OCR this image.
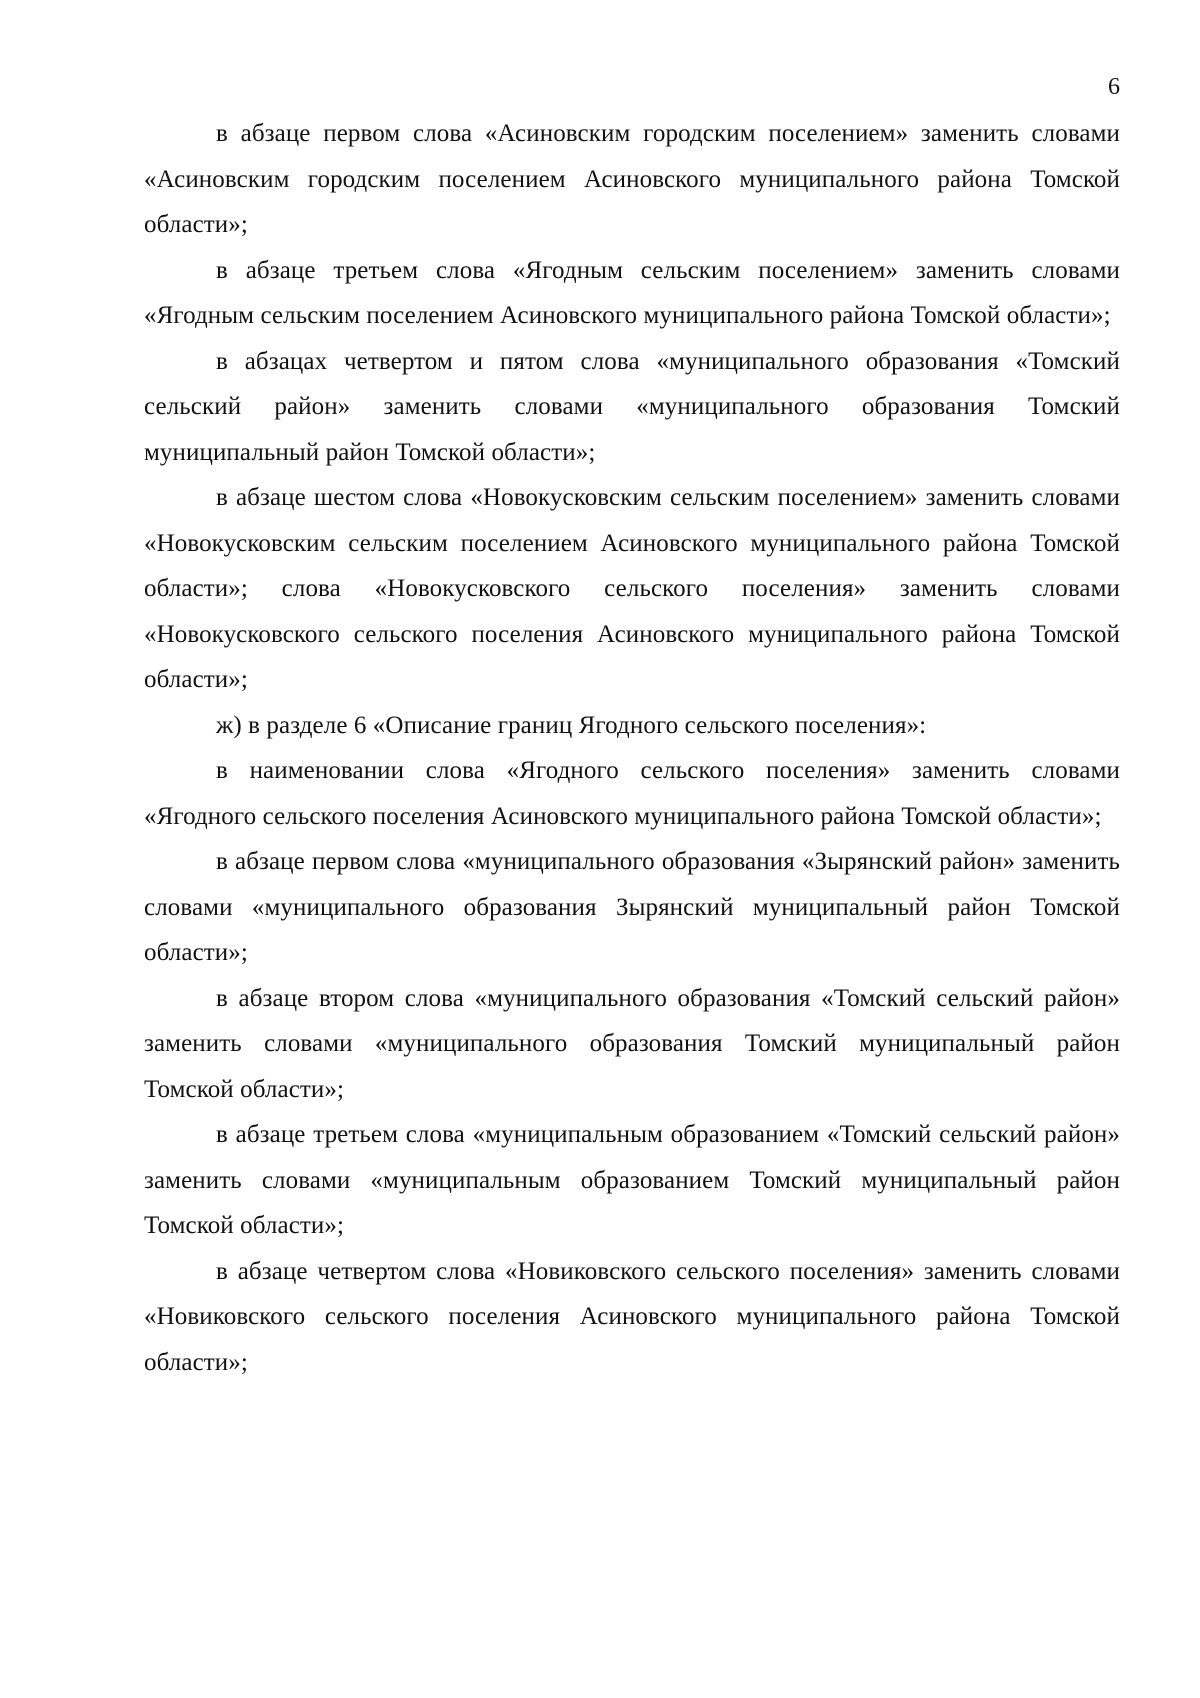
6

в абзаце первом слова «Асиновским городским поселением» заменить словами «Асиновским городским поселением Асиновского муниципального района Томской области»;

в абзаце третьем слова «Ягодным сельским поселением» заменить словами «Ягодным сельским поселением Асиновского муниципального района Томской области»;

в абзацах четвертом и пятом слова «муниципального образования «Томский сельский район» заменить словами «муниципального образования Томский муниципальный район Томской области»;

в абзаце шестом слова «Новокусковским сельским поселением» заменить словами «Новокусковским сельским поселением Асиновского муниципального района Томской области»; слова «Новокусковского сельского поселения» заменить словами «Новокусковского сельского поселения Асиновского муниципального района Томской области»;

ж) в разделе 6 «Описание границ Ягодного сельского поселения»:

в наименовании слова «Ягодного сельского поселения» заменить словами «Ягодного сельского поселения Асиновского муниципального района Томской области»;

в абзаце первом слова «муниципального образования «Зырянский район» заменить словами «муниципального образования Зырянский муниципальный район Томской области»;

в абзаце втором слова «муниципального образования «Томский сельский район» заменить словами «муниципального образования Томский муниципальный район Томской области»;

в абзаце третьем слова «муниципальным образованием «Томский сельский район» заменить словами «муниципальным образованием Томский муниципальный район Томской области»;

в абзаце четвертом слова «Новиковского сельского поселения» заменить словами «Новиковского сельского поселения Асиновского муниципального района Томской области»;
